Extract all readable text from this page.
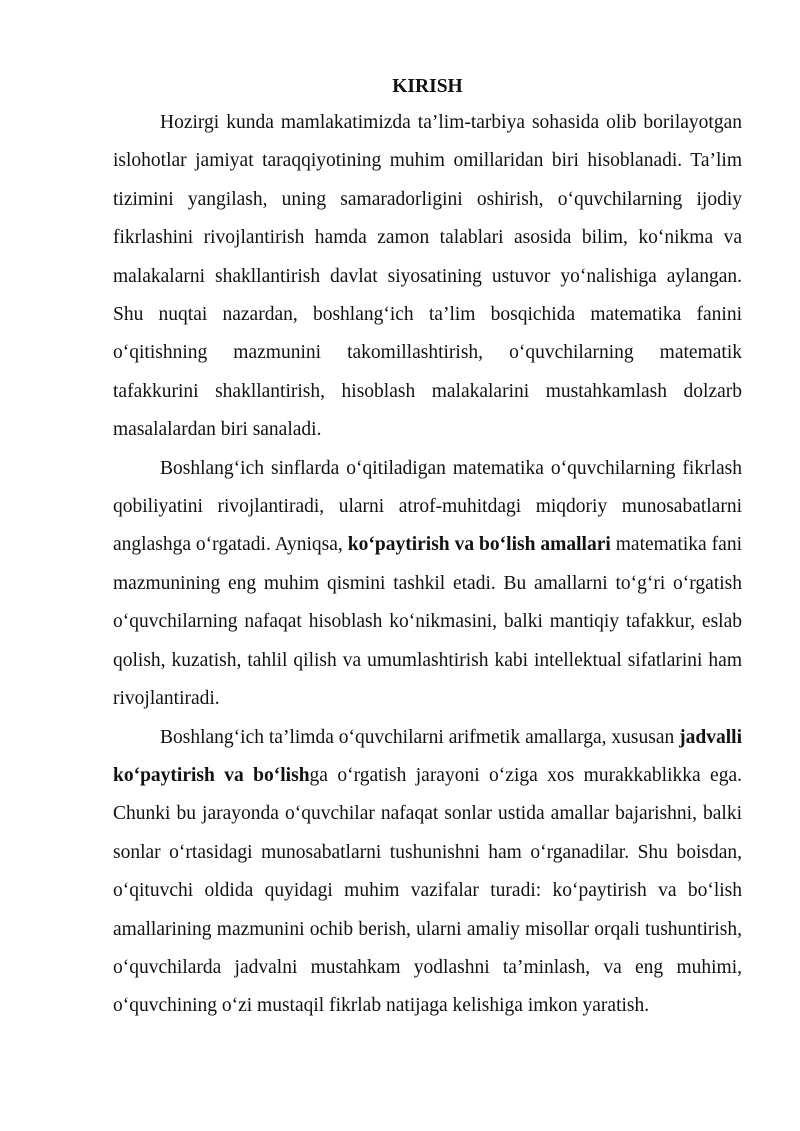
KIRISH

Hozirgi kunda mamlakatimizda ta’lim-tarbiya sohasida olib borilayotgan islohotlar jamiyat taraqqiyotining muhim omillaridan biri hisoblanadi. Ta’lim tizimini yangilash, uning samaradorligini oshirish, o‘quvchilarning ijodiy fikrlashini rivojlantirish hamda zamon talablari asosida bilim, ko‘nikma va malakalarni shakllantirish davlat siyosatining ustuvor yo‘nalishiga aylangan. Shu nuqtai nazardan, boshlang‘ich ta’lim bosqichida matematika fanini o‘qitishning mazmunini takomillashtirish, o‘quvchilarning matematik tafakkurini shakllantirish, hisoblash malakalarini mustahkamlash dolzarb masalalardan biri sanaladi.

Boshlang‘ich sinflarda o‘qitiladigan matematika o‘quvchilarning fikrlash qobiliyatini rivojlantiradi, ularni atrof-muhitdagi miqdoriy munosabatlarni anglashga o‘rgatadi. Ayniqsa, ko‘paytirish va bo‘lish amallari matematika fani mazmunining eng muhim qismini tashkil etadi. Bu amallarni to‘g‘ri o‘rgatish o‘quvchilarning nafaqat hisoblash ko‘nikmasini, balki mantiqiy tafakkur, eslab qolish, kuzatish, tahlil qilish va umumlashtirish kabi intellektual sifatlarini ham rivojlantiradi.

Boshlang‘ich ta’limda o‘quvchilarni arifmetik amallarga, xususan jadvalli ko‘paytirish va bo‘lishga o‘rgatish jarayoni o‘ziga xos murakkablikka ega. Chunki bu jarayonda o‘quvchilar nafaqat sonlar ustida amallar bajarishni, balki sonlar o‘rtasidagi munosabatlarni tushunishni ham o‘rganadilar. Shu boisdan, o‘qituvchi oldida quyidagi muhim vazifalar turadi: ko‘paytirish va bo‘lish amallarining mazmunini ochib berish, ularni amaliy misollar orqali tushuntirish, o‘quvchilarda jadvalni mustahkam yodlashni ta’minlash, va eng muhimi, o‘quvchining o‘zi mustaqil fikrlab natijaga kelishiga imkon yaratish.
